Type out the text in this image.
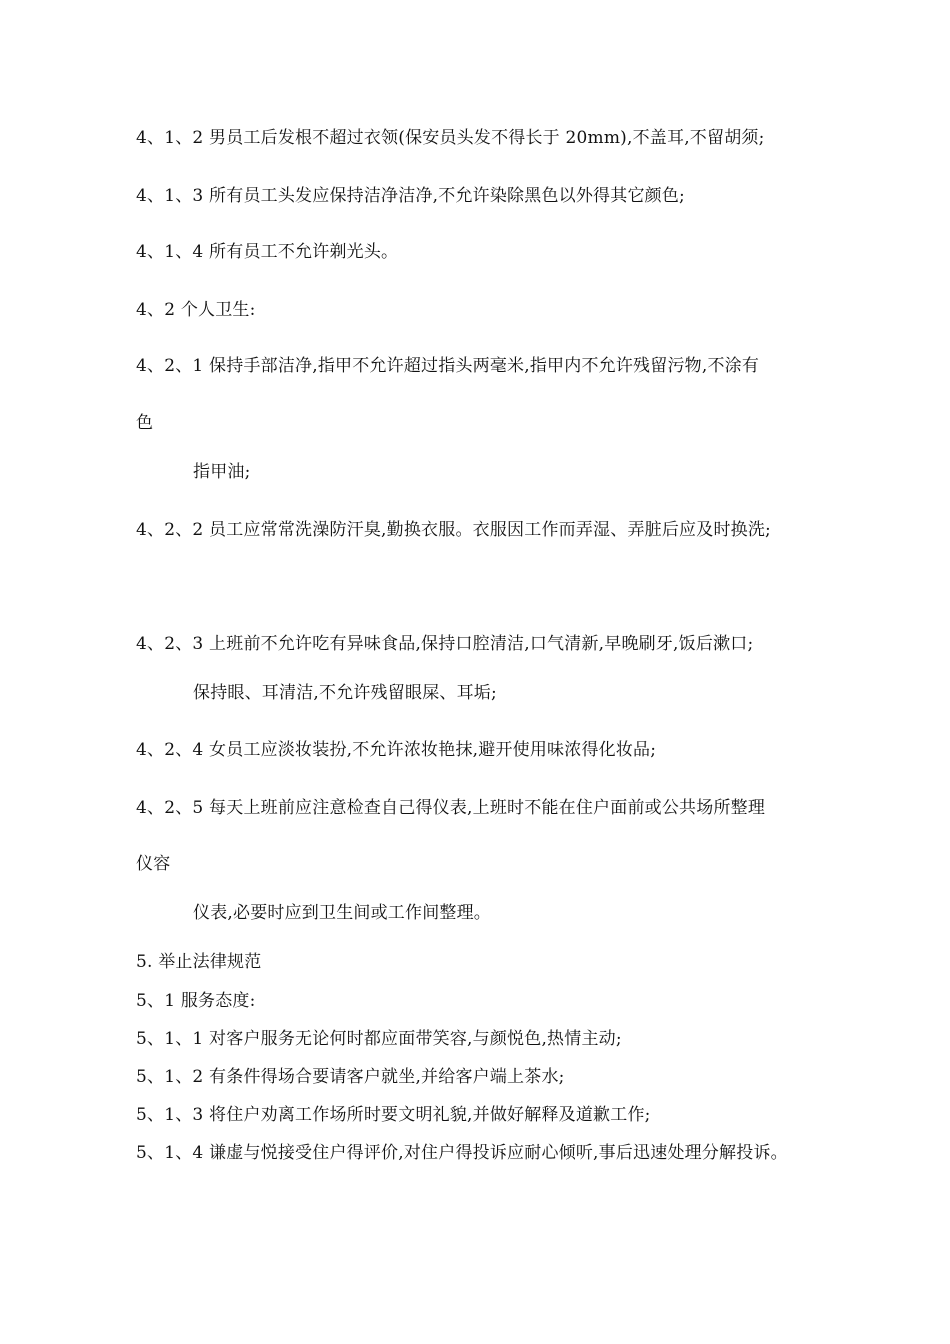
4、1、2 男员工后发根不超过衣领(保安员头发不得长于 20mm),不盖耳,不留胡须;
4、1、3 所有员工头发应保持洁净洁净,不允许染除黑色以外得其它颜色;
4、1、4 所有员工不允许剃光头。
4、2 个人卫生:
4、2、1 保持手部洁净,指甲不允许超过指头两毫米,指甲内不允许残留污物,不涂有
色
指甲油;
4、2、2 员工应常常洗澡防汗臭,勤换衣服。衣服因工作而弄湿、弄脏后应及时换洗;
4、2、3 上班前不允许吃有异味食品,保持口腔清洁,口气清新,早晚刷牙,饭后漱口;
保持眼、耳清洁,不允许残留眼屎、耳垢;
4、2、4 女员工应淡妆装扮,不允许浓妆艳抹,避开使用味浓得化妆品;
4、2、5 每天上班前应注意检查自己得仪表,上班时不能在住户面前或公共场所整理
仪容
仪表,必要时应到卫生间或工作间整理。
5. 举止法律规范
5、1 服务态度:
5、1、1 对客户服务无论何时都应面带笑容,与颜悦色,热情主动;
5、1、2 有条件得场合要请客户就坐,并给客户端上茶水;
5、1、3 将住户劝离工作场所时要文明礼貌,并做好解释及道歉工作;
5、1、4 谦虚与悦接受住户得评价,对住户得投诉应耐心倾听,事后迅速处理分解投诉。
